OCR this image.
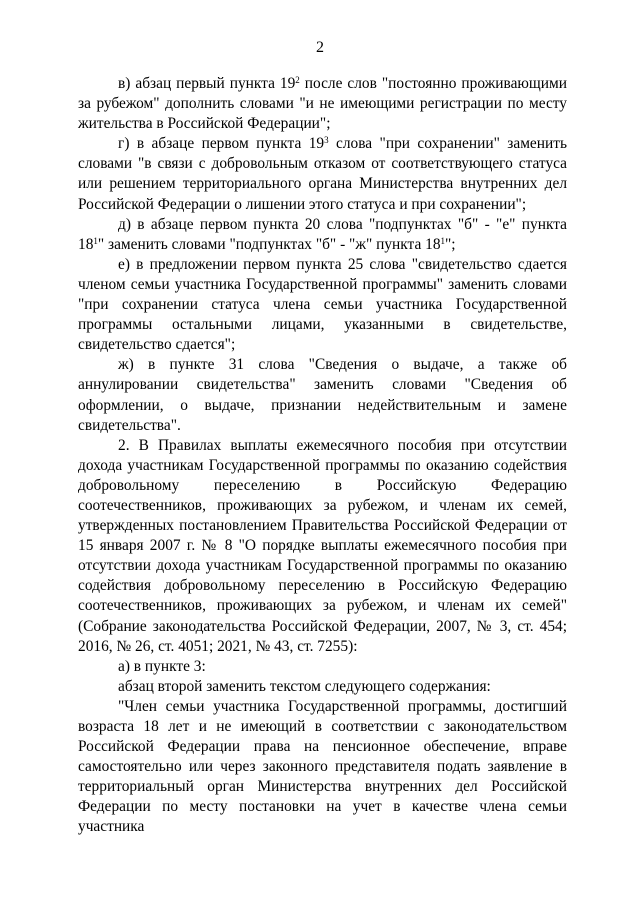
2

в) абзац первый пункта $19^2$ после слов "постоянно проживающими за рубежом" дополнить словами "и не имеющими регистрации по месту жительства в Российской Федерации";

г) в абзаце первом пункта $19^3$ слова "при сохранении" заменить словами "в связи с добровольным отказом от соответствующего статуса или решением территориального органа Министерства внутренних дел Российской Федерации о лишении этого статуса и при сохранении";

д) в абзаце первом пункта 20 слова "подпунктах "б" - "е" пункта $18^1$" заменить словами "подпунктах "б" - "ж" пункта $18^1$";

е) в предложении первом пункта 25 слова "свидетельство сдается членом семьи участника Государственной программы" заменить словами "при сохранении статуса члена семьи участника Государственной программы остальными лицами, указанными в свидетельстве, свидетельство сдается";

ж) в пункте 31 слова "Сведения о выдаче, а также об аннулировании свидетельства" заменить словами "Сведения об оформлении, о выдаче, признании недействительным и замене свидетельства".

2. В Правилах выплаты ежемесячного пособия при отсутствии дохода участникам Государственной программы по оказанию содействия добровольному переселению в Российскую Федерацию соотечественников, проживающих за рубежом, и членам их семей, утвержденных постановлением Правительства Российской Федерации от 15 января 2007 г. № 8 "О порядке выплаты ежемесячного пособия при отсутствии дохода участникам Государственной программы по оказанию содействия добровольному переселению в Российскую Федерацию соотечественников, проживающих за рубежом, и членам их семей" (Собрание законодательства Российской Федерации, 2007, № 3, ст. 454; 2016, № 26, ст. 4051; 2021, № 43, ст. 7255):

а) в пункте 3:

абзац второй заменить текстом следующего содержания:

"Член семьи участника Государственной программы, достигший возраста 18 лет и не имеющий в соответствии с законодательством Российской Федерации права на пенсионное обеспечение, вправе самостоятельно или через законного представителя подать заявление в территориальный орган Министерства внутренних дел Российской Федерации по месту постановки на учет в качестве члена семьи участника
